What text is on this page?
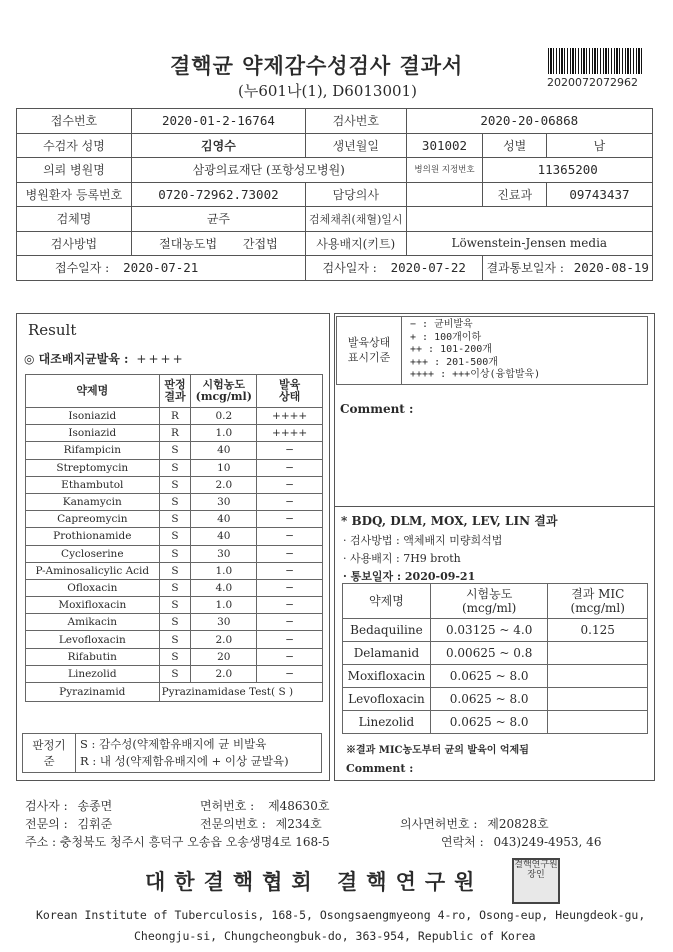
결핵균 약제감수성검사 결과서
(누601나(1), D6013001)	2020072072962
접수번호	2020-01-2-16764	검사번호	2020-20-06868		
수검자 성명	김영수	생년월일	301002	성별	남
의뢰 병원명	삼광의료재단 (포항성모병원)		병의원 지정번호	11365200	
병원환자 등록번호	0720-72962.73002	담당의사		진료과	09743437
검체명	균주	검체채취(채혈)일시			
검사방법	절대농도법 간접법	사용배지(키트)	Löwenstein-Jensen media		
접수일자 : 2020-07-21		검사일자 : 2020-07-22		결과통보일자 : 2020-08-19	
Result
◎ 대조배지균발육 : ++++
약제명	판정 결과	시험농도 (mcg/ml)	발육 상태
Isoniazid	R	0.2	++++
Isoniazid	R	1.0	++++
Rifampicin	S	40	−
Streptomycin	S	10	−
Ethambutol	S	2.0	−
Kanamycin	S	30	−
Capreomycin	S	40	−
Prothionamide	S	40	−
Cycloserine	S	30	−
P-Aminosalicylic Acid	S	1.0	−
Ofloxacin	S	4.0	−
Moxifloxacin	S	1.0	−
Amikacin	S	30	−
Levofloxacin	S	2.0	−
Rifabutin	S	20	−
Linezolid	S	2.0	−
Pyrazinamid	Pyrazinamidase Test( S )		
판정기준	
S : 감수성(약제함유배지에 균 비발육
R : 내 성(약제함유배지에 + 이상 균발육)
발육상태 표시기준	
− : 균비발육
+ : 100개이하
++ : 101-200개
+++ : 201-500개
++++ : +++이상(융합발육)
Comment :
* BDQ, DLM, MOX, LEV, LIN 결과
· 검사방법 : 액체배지 미량희석법
· 사용배지 : 7H9 broth
· 통보일자 : 2020-09-21
약제명	시험농도 (mcg/ml)	결과 MIC (mcg/ml)
Bedaquiline	0.03125 ~ 4.0	0.125
Delamanid	0.00625 ~ 0.8	
Moxifloxacin	0.0625 ~ 8.0	
Levofloxacin	0.0625 ~ 8.0	
Linezolid	0.0625 ~ 8.0	
※결과 MIC농도부터 균의 발육이 억제됨
Comment :
검사자 : 송종면	면허번호 : 제48630호
전문의 : 김휘준	전문의번호 : 제234호	의사면허번호 : 제20828호
주소 : 충청북도 청주시 흥덕구 오송읍 오송생명4로 168-5	연락처 : 043)249-4953, 46
대한결핵협회 결핵연구원
결핵연구원장인
Korean Institute of Tuberculosis, 168-5, Osongsaengmyeong 4-ro, Osong-eup, Heungdeok-gu,
Cheongju-si, Chungcheongbuk-do, 363-954, Republic of Korea
